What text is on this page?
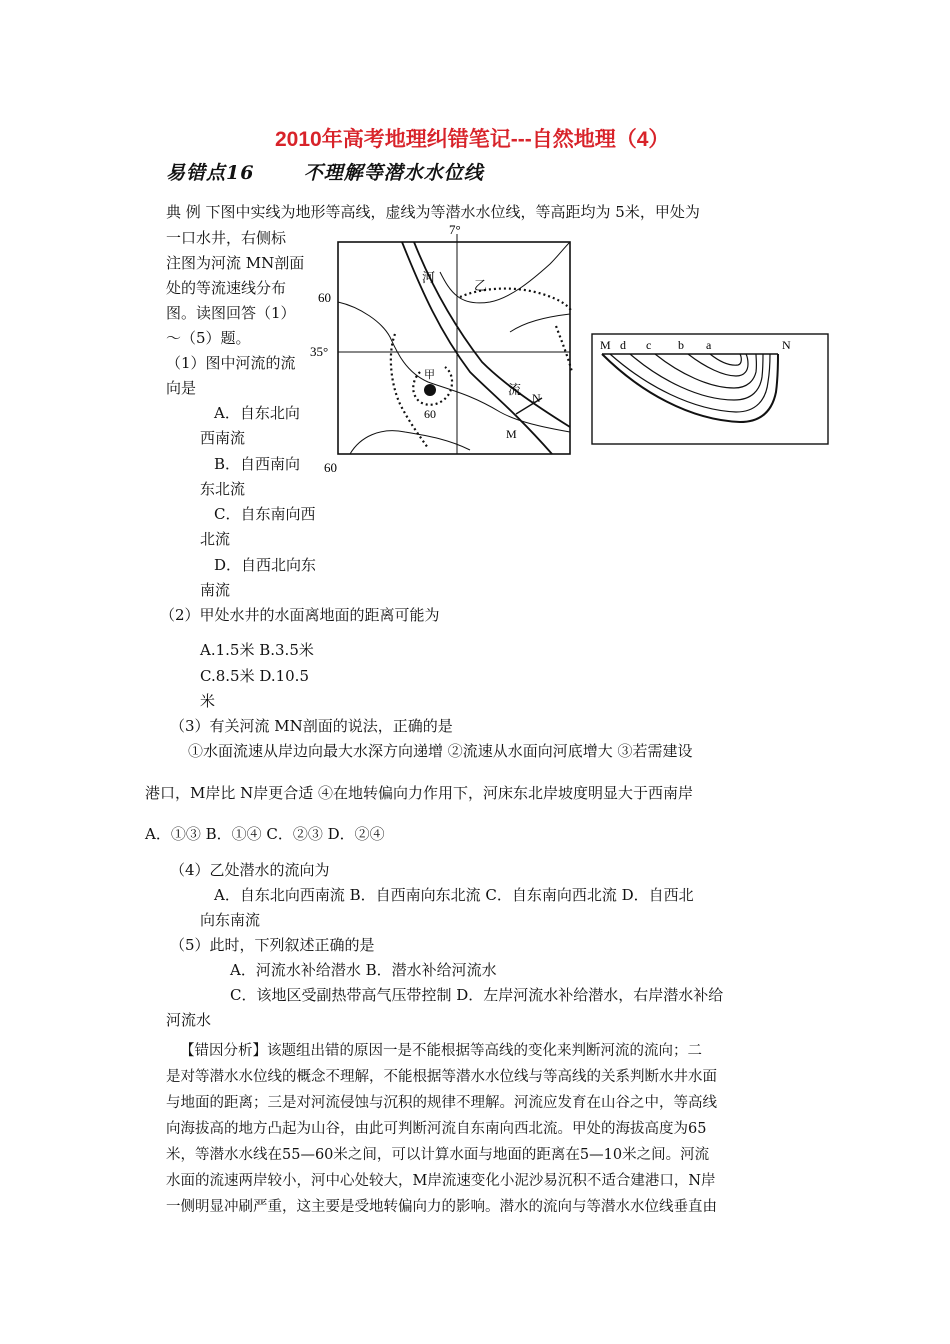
2010年高考地理纠错笔记---自然地理（4）
易错点16	不理解等潜水水位线
典 例 下图中实线为地形等高线，虚线为等潜水水位线，等高距均为 5米，甲处为
一口水井，右侧标
注图为河流 MN剖面
处的等流速线分布
图。读图回答（1）
～（5）题。
7°
35°
60
60
60
河
流
乙
甲
N
M
M d c b a	N
（1）图中河流的流
向是
A．自东北向
西南流
B．自西南向
东北流
C．自东南向西
北流
D．自西北向东
南流
（2）甲处水井的水面离地面的距离可能为
A.1.5米 B.3.5米
C.8.5米 D.10.5
米
（3）有关河流 MN剖面的说法，正确的是
①水面流速从岸边向最大水深方向递增 ②流速从水面向河底增大 ③若需建设
港口，M岸比 N岸更合适 ④在地转偏向力作用下，河床东北岸坡度明显大于西南岸
A．①③ B．①④ C．②③ D．②④
（4）乙处潜水的流向为
A．自东北向西南流 B．自西南向东北流 C．自东南向西北流 D．自西北
向东南流
（5）此时，下列叙述正确的是
A．河流水补给潜水 B．潜水补给河流水
C．该地区受副热带高气压带控制 D．左岸河流水补给潜水，右岸潜水补给
河流水
【错因分析】该题组出错的原因一是不能根据等高线的变化来判断河流的流向；二
是对等潜水水位线的概念不理解，不能根据等潜水水位线与等高线的关系判断水井水面
与地面的距离；三是对河流侵蚀与沉积的规律不理解。河流应发育在山谷之中，等高线
向海拔高的地方凸起为山谷，由此可判断河流自东南向西北流。甲处的海拔高度为65
米，等潜水水线在55—60米之间，可以计算水面与地面的距离在5—10米之间。河流
水面的流速两岸较小，河中心处较大，M岸流速变化小泥沙易沉积不适合建港口，N岸
一侧明显冲刷严重，这主要是受地转偏向力的影响。潜水的流向与等潜水水位线垂直由
